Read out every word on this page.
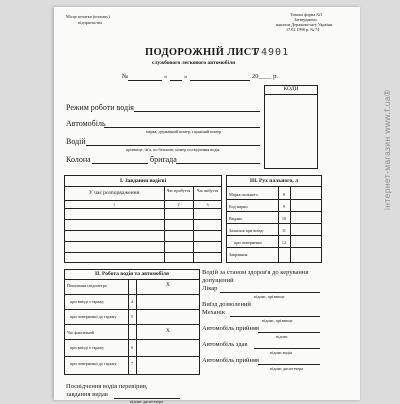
Місце печатки (штампу)
підприємства
Типова форма №3
Затверджено
наказом Держкомстату України
17.02.1998 р. № 74
ПОДОРОЖНІЙ ЛИСТ
74901
службового легкового автомобіля
№	«	»	20____ р.
КОДИ
Режим роботи водія
Автомобіль
марка, державний номер, гаражний номер
Водій
прізвище, ім'я, по батькові; номер посвідчення водія
Колона	бригада
I. Завдання водієві
У чає розпорядження	Час прибуття	Час вибуття
1	2	3
III. Рух пального, л
Марка пального	8
Код марки	9
Видано	10
Залишок при виїзді	11
при поверненні	12
Заправник
II. Робота водія та автомобіля
Показання спідометра	X
при виїзді з гаражу	4
при поверненні до гаражу	5
Час фактичний	X
при виїзді з гаражу	6
при поверненні до гаражу	7
Водій за станом здоров'я до керування
допущений
Лікар
підпис, прізвище
Виїзд дозволений
Механік
підпис, прізвище
Автомобіль прийняв
підпис
Автомобіль здав
підпис водія
Автомобіль прийняв
підпис диспетчера
Посвідчення водія перевірив,
завдання видав
підпис диспетчера
інтернет-магазин www.f.ua®
